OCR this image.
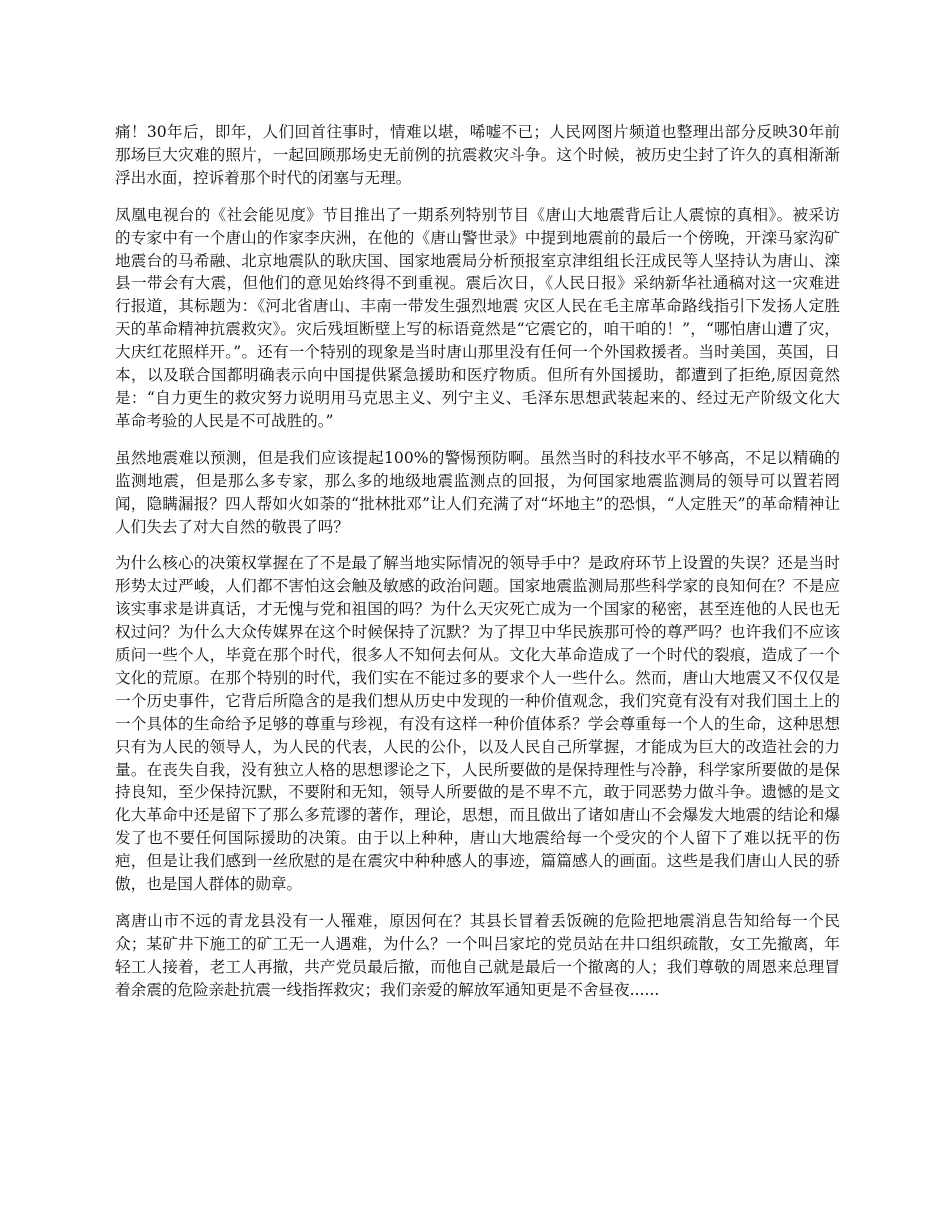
痛！30年后，即年，人们回首往事时，情难以堪，唏嘘不已；人民网图片频道也整理出部分反映30年前那场巨大灾难的照片，一起回顾那场史无前例的抗震救灾斗争。这个时候，被历史尘封了许久的真相渐渐浮出水面，控诉着那个时代的闭塞与无理。

凤凰电视台的《社会能见度》节目推出了一期系列特别节目《唐山大地震背后让人震惊的真相》。被采访的专家中有一个唐山的作家李庆洲，在他的《唐山警世录》中提到地震前的最后一个傍晚，开滦马家沟矿地震台的马希融、北京地震队的耿庆国、国家地震局分析预报室京津组组长汪成民等人坚持认为唐山、滦县一带会有大震，但他们的意见始终得不到重视。震后次日，《人民日报》采纳新华社通稿对这一灾难进行报道，其标题为：《河北省唐山、丰南一带发生强烈地震 灾区人民在毛主席革命路线指引下发扬人定胜天的革命精神抗震救灾》。灾后残垣断壁上写的标语竟然是“它震它的，咱干咱的！”，“哪怕唐山遭了灾，大庆红花照样开。”。还有一个特别的现象是当时唐山那里没有任何一个外国救援者。当时美国，英国，日本，以及联合国都明确表示向中国提供紧急援助和医疗物质。但所有外国援助，都遭到了拒绝,原因竟然是：“自力更生的救灾努力说明用马克思主义、列宁主义、毛泽东思想武装起来的、经过无产阶级文化大革命考验的人民是不可战胜的。”

虽然地震难以预测，但是我们应该提起100%的警惕预防啊。虽然当时的科技水平不够高，不足以精确的监测地震，但是那么多专家，那么多的地级地震监测点的回报，为何国家地震监测局的领导可以置若罔闻，隐瞒漏报？四人帮如火如荼的“批林批邓”让人们充满了对“坏地主”的恐惧，“人定胜天”的革命精神让人们失去了对大自然的敬畏了吗？

为什么核心的决策权掌握在了不是最了解当地实际情况的领导手中？是政府环节上设置的失误？还是当时形势太过严峻，人们都不害怕这会触及敏感的政治问题。国家地震监测局那些科学家的良知何在？不是应该实事求是讲真话，才无愧与党和祖国的吗？为什么天灾死亡成为一个国家的秘密，甚至连他的人民也无权过问？为什么大众传媒界在这个时候保持了沉默？为了捍卫中华民族那可怜的尊严吗？也许我们不应该质问一些个人，毕竟在那个时代，很多人不知何去何从。文化大革命造成了一个时代的裂痕，造成了一个文化的荒原。在那个特别的时代，我们实在不能过多的要求个人一些什么。然而，唐山大地震又不仅仅是一个历史事件，它背后所隐含的是我们想从历史中发现的一种价值观念，我们究竟有没有对我们国土上的一个具体的生命给予足够的尊重与珍视，有没有这样一种价值体系？学会尊重每一个人的生命，这种思想只有为人民的领导人，为人民的代表，人民的公仆，以及人民自己所掌握，才能成为巨大的改造社会的力量。在丧失自我，没有独立人格的思想谬论之下，人民所要做的是保持理性与冷静，科学家所要做的是保持良知，至少保持沉默，不要附和无知，领导人所要做的是不卑不亢，敢于同恶势力做斗争。遗憾的是文化大革命中还是留下了那么多荒谬的著作，理论，思想，而且做出了诸如唐山不会爆发大地震的结论和爆发了也不要任何国际援助的决策。由于以上种种，唐山大地震给每一个受灾的个人留下了难以抚平的伤疤，但是让我们感到一丝欣慰的是在震灾中种种感人的事迹，篇篇感人的画面。这些是我们唐山人民的骄傲，也是国人群体的勋章。

离唐山市不远的青龙县没有一人罹难，原因何在？其县长冒着丢饭碗的危险把地震消息告知给每一个民众；某矿井下施工的矿工无一人遇难，为什么？一个叫吕家坨的党员站在井口组织疏散，女工先撤离，年轻工人接着，老工人再撤，共产党员最后撤，而他自己就是最后一个撤离的人；我们尊敬的周恩来总理冒着余震的危险亲赴抗震一线指挥救灾；我们亲爱的解放军通知更是不舍昼夜......
